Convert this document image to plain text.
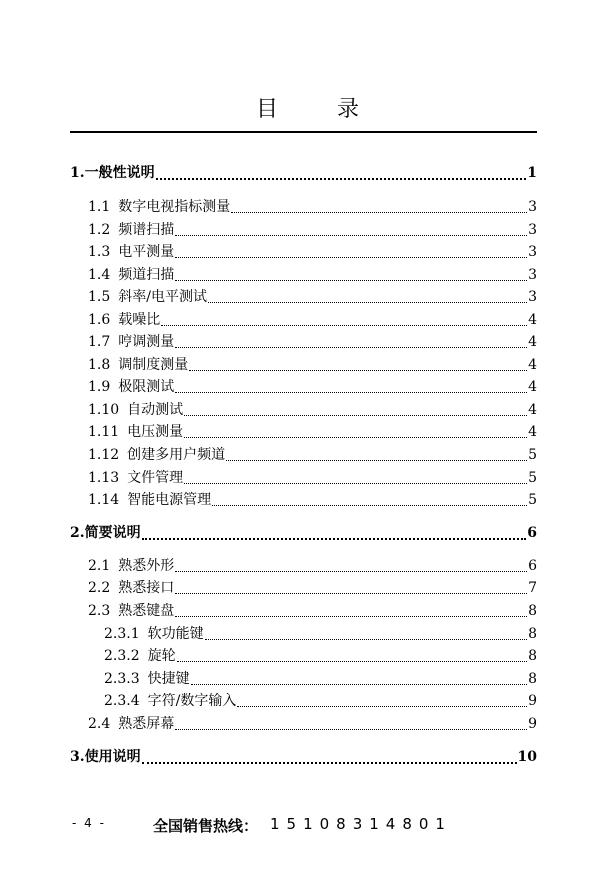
目 录
1. 一般性说明	1
1.1 数字电视指标测量	3
1.2 频谱扫描	3
1.3 电平测量	3
1.4 频道扫描	3
1.5 斜率/电平测试	3
1.6 载噪比	4
1.7 哼调测量	4
1.8 调制度测量	4
1.9 极限测试	4
1.10 自动测试	4
1.11 电压测量	4
1.12 创建多用户频道	5
1.13 文件管理	5
1.14 智能电源管理	5
2. 简要说明	6
2.1 熟悉外形	6
2.2 熟悉接口	7
2.3 熟悉键盘	8
2.3.1 软功能键	8
2.3.2 旋轮	8
2.3.3 快捷键	8
2.3.4 字符/数字输入	9
2.4 熟悉屏幕	9
3. 使用说明	10
- 4 -	全国销售热线： 15108314801
